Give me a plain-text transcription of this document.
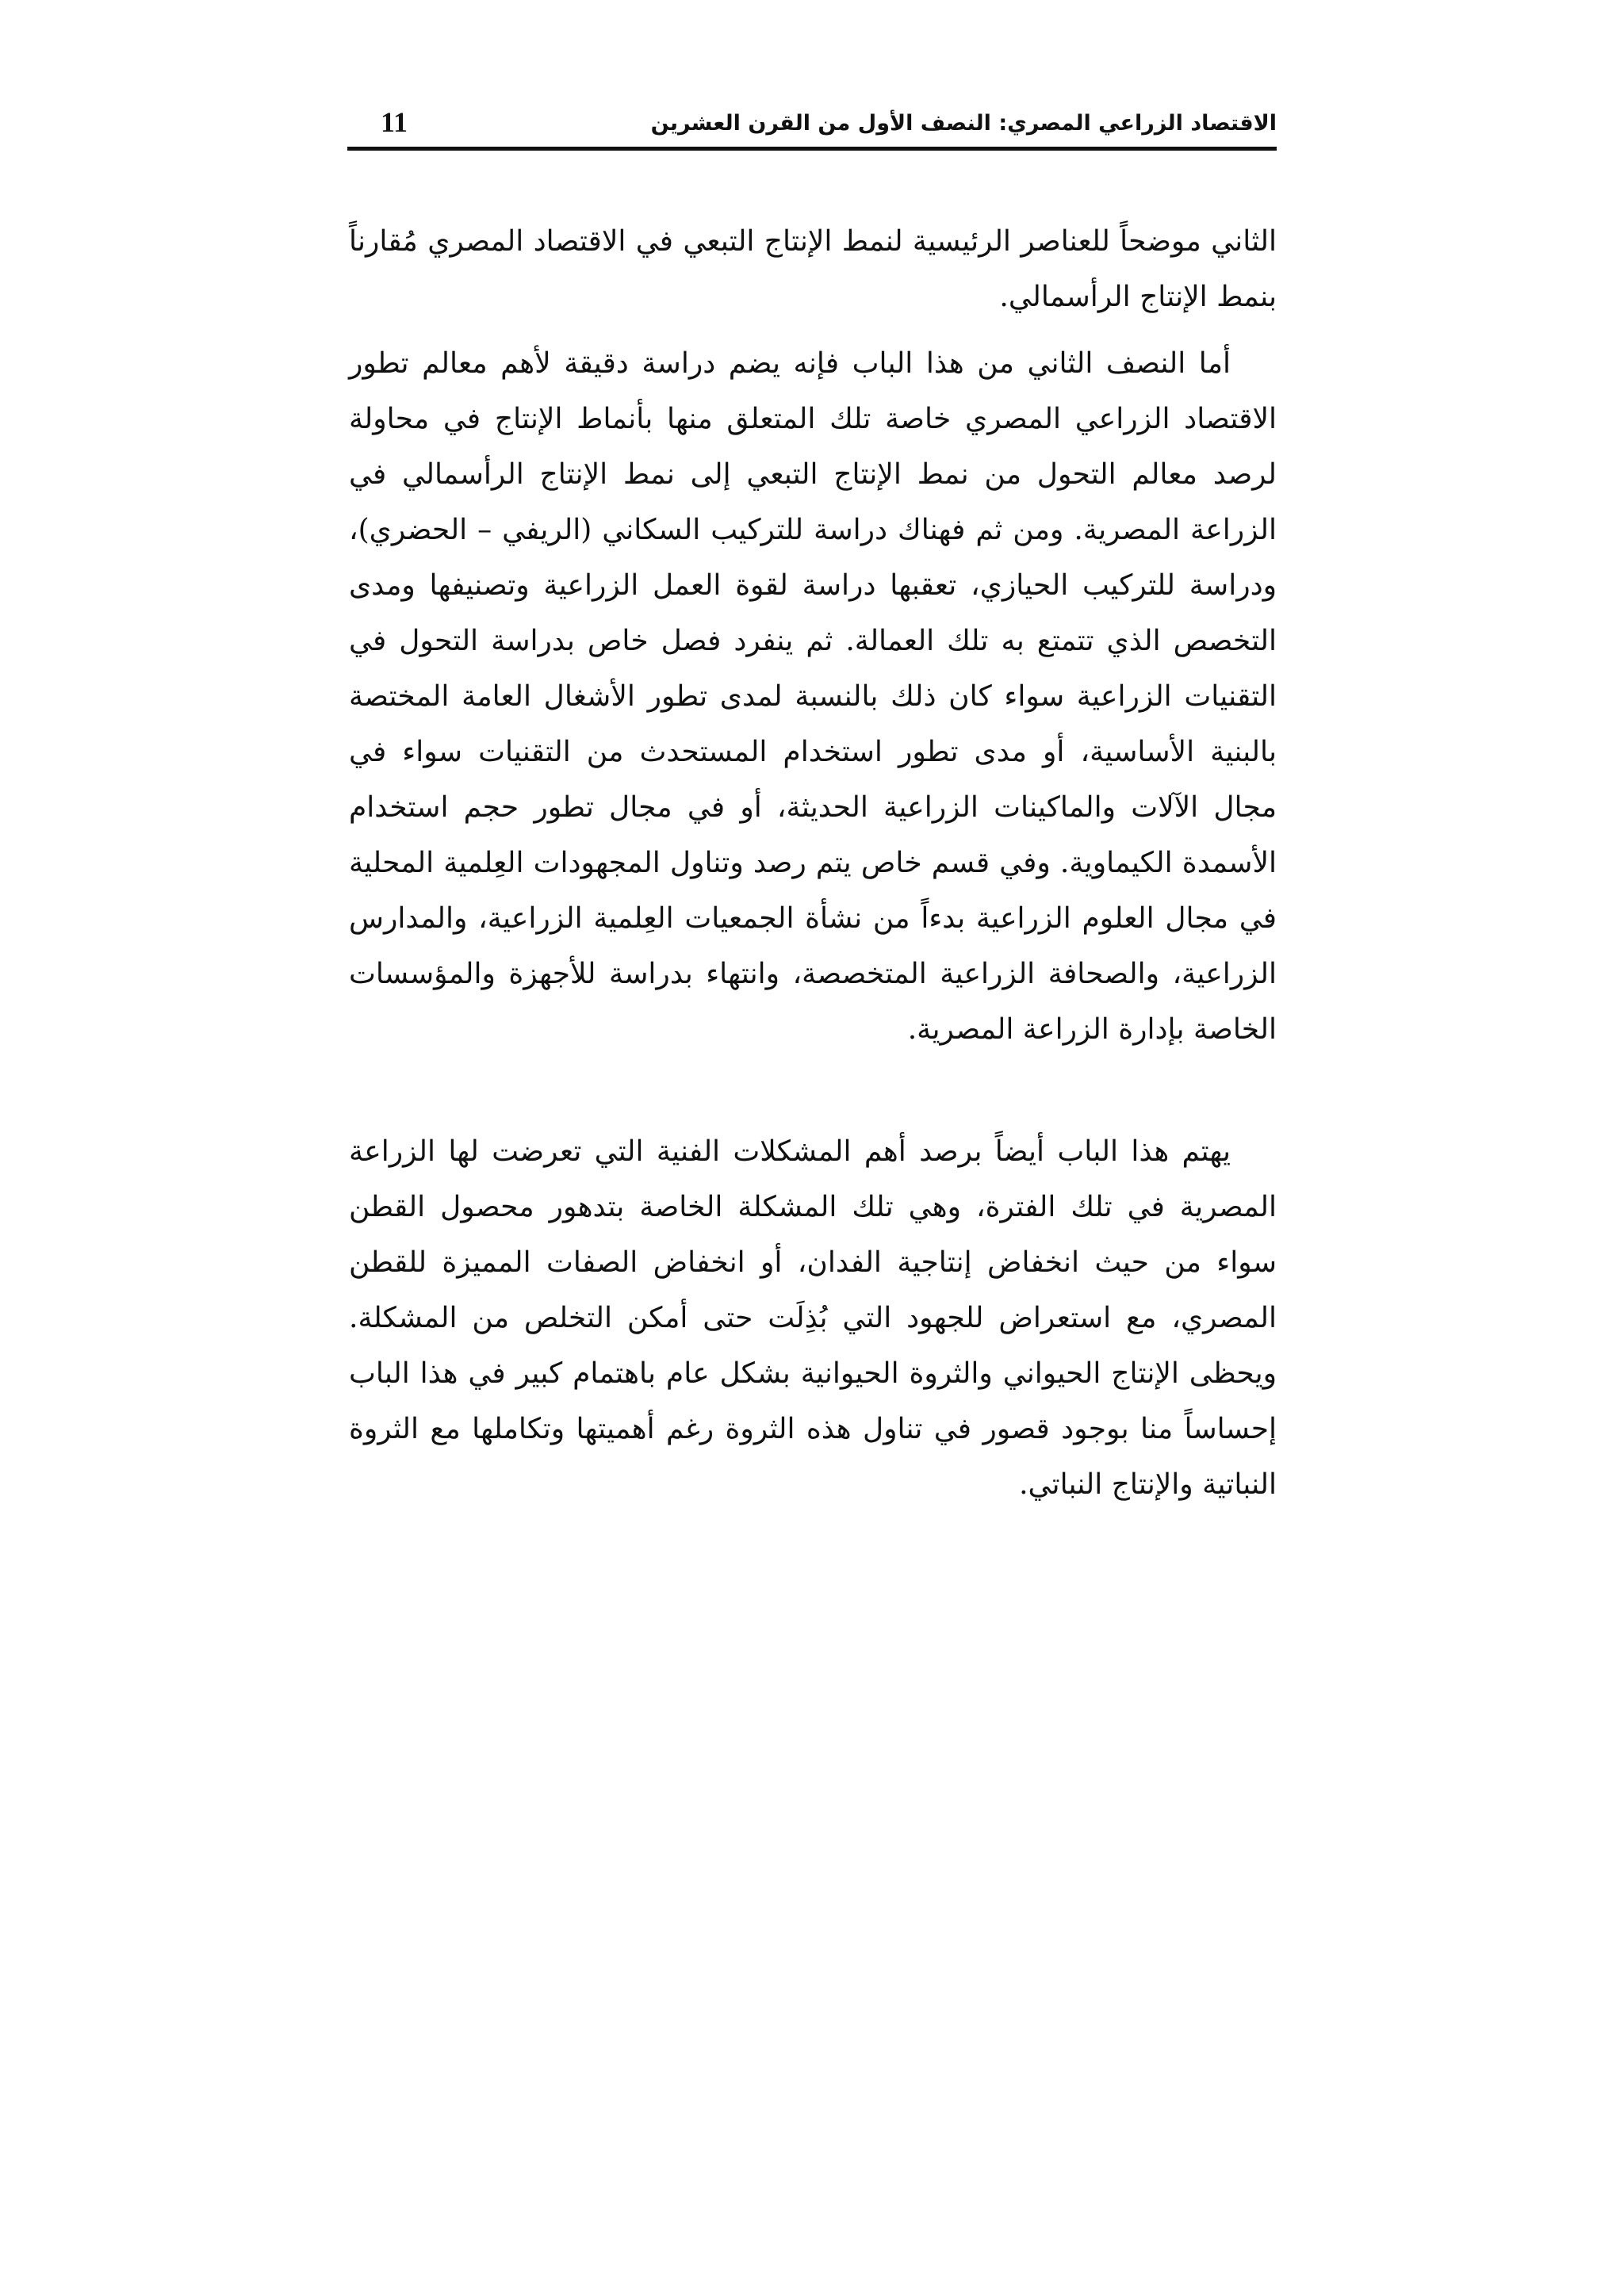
الاقتصاد الزراعي المصري: النصف الأول من القرن العشرين
11

الثاني موضحاً للعناصر الرئيسية لنمط الإنتاج التبعي في الاقتصاد المصري مُقارناً بنمط الإنتاج الرأسمالي.

أما النصف الثاني من هذا الباب فإنه يضم دراسة دقيقة لأهم معالم تطور الاقتصاد الزراعي المصري خاصة تلك المتعلق منها بأنماط الإنتاج في محاولة لرصد معالم التحول من نمط الإنتاج التبعي إلى نمط الإنتاج الرأسمالي في الزراعة المصرية. ومن ثم فهناك دراسة للتركيب السكاني (الريفي – الحضري)، ودراسة للتركيب الحيازي، تعقبها دراسة لقوة العمل الزراعية وتصنيفها ومدى التخصص الذي تتمتع به تلك العمالة. ثم ينفرد فصل خاص بدراسة التحول في التقنيات الزراعية سواء كان ذلك بالنسبة لمدى تطور الأشغال العامة المختصة بالبنية الأساسية، أو مدى تطور استخدام المستحدث من التقنيات سواء في مجال الآلات والماكينات الزراعية الحديثة، أو في مجال تطور حجم استخدام الأسمدة الكيماوية. وفي قسم خاص يتم رصد وتناول المجهودات العِلمية المحلية في مجال العلوم الزراعية بدءاً من نشأة الجمعيات العِلمية الزراعية، والمدارس الزراعية، والصحافة الزراعية المتخصصة، وانتهاء بدراسة للأجهزة والمؤسسات الخاصة بإدارة الزراعة المصرية.

يهتم هذا الباب أيضاً برصد أهم المشكلات الفنية التي تعرضت لها الزراعة المصرية في تلك الفترة، وهي تلك المشكلة الخاصة بتدهور محصول القطن سواء من حيث انخفاض إنتاجية الفدان، أو انخفاض الصفات المميزة للقطن المصري، مع استعراض للجهود التي بُذِلَت حتى أمكن التخلص من المشكلة. ويحظى الإنتاج الحيواني والثروة الحيوانية بشكل عام باهتمام كبير في هذا الباب إحساساً منا بوجود قصور في تناول هذه الثروة رغم أهميتها وتكاملها مع الثروة النباتية والإنتاج النباتي.
